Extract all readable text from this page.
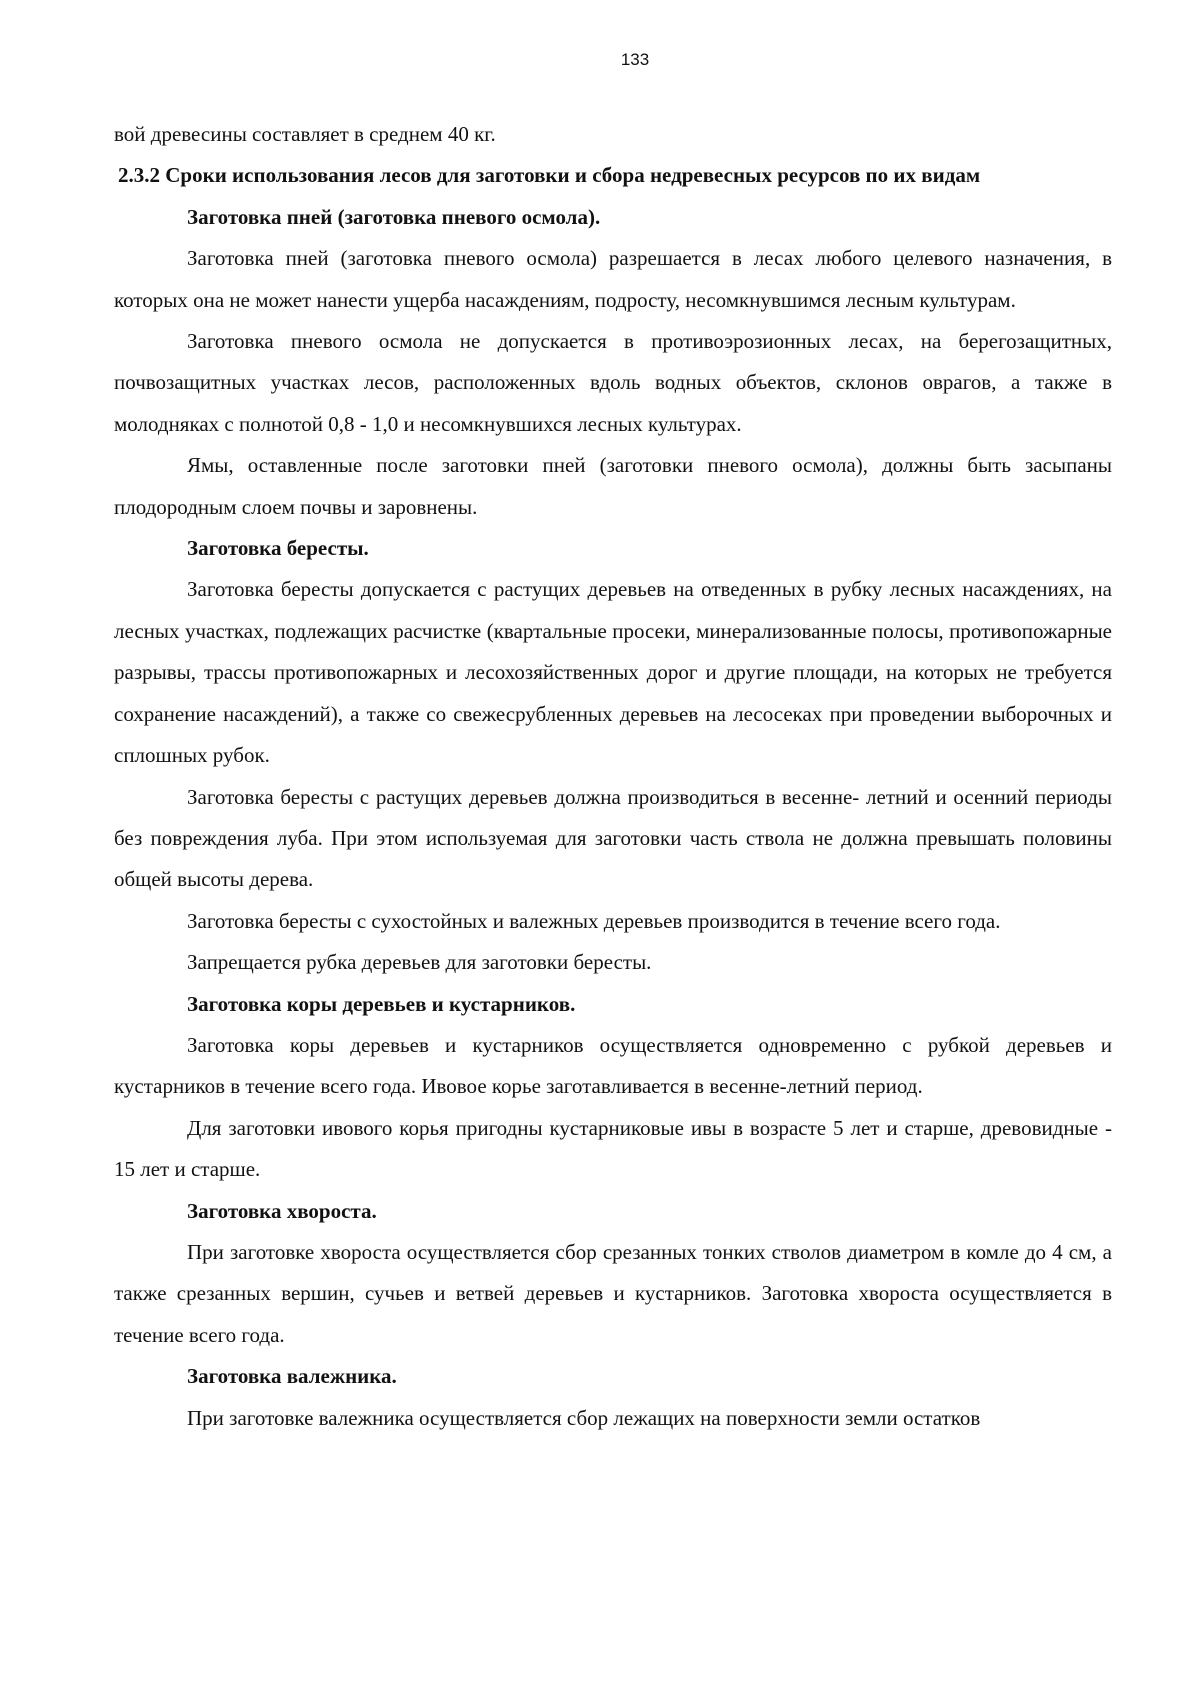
133

вой древесины составляет в среднем 40 кг.

2.3.2 Сроки использования лесов для заготовки и сбора недревесных ресурсов по их видам

Заготовка пней (заготовка пневого осмола).

Заготовка пней (заготовка пневого осмола) разрешается в лесах любого целевого назначения, в которых она не может нанести ущерба насаждениям, подросту, несомкнувшимся лесным культурам.

Заготовка пневого осмола не допускается в противоэрозионных лесах, на берегозащитных, почвозащитных участках лесов, расположенных вдоль водных объектов, склонов оврагов, а также в молодняках с полнотой 0,8 - 1,0 и несомкнувшихся лесных культурах.

Ямы, оставленные после заготовки пней (заготовки пневого осмола), должны быть засыпаны плодородным слоем почвы и заровнены.

Заготовка бересты.

Заготовка бересты допускается с растущих деревьев на отведенных в рубку лесных насаждениях, на лесных участках, подлежащих расчистке (квартальные просеки, минерализованные полосы, противопожарные разрывы, трассы противопожарных и лесохозяйственных дорог и другие площади, на которых не требуется сохранение насаждений), а также со свежесрубленных деревьев на лесосеках при проведении выборочных и сплошных рубок.

Заготовка бересты с растущих деревьев должна производиться в весенне- летний и осенний периоды без повреждения луба. При этом используемая для заготовки часть ствола не должна превышать половины общей высоты дерева.

Заготовка бересты с сухостойных и валежных деревьев производится в течение всего года.

Запрещается рубка деревьев для заготовки бересты.

Заготовка коры деревьев и кустарников.

Заготовка коры деревьев и кустарников осуществляется одновременно с рубкой деревьев и кустарников в течение всего года. Ивовое корье заготавливается в весенне-летний период.

Для заготовки ивового корья пригодны кустарниковые ивы в возрасте 5 лет и старше, древовидные - 15 лет и старше.

Заготовка хвороста.

При заготовке хвороста осуществляется сбор срезанных тонких стволов диаметром в комле до 4 см, а также срезанных вершин, сучьев и ветвей деревьев и кустарников. Заготовка хвороста осуществляется в течение всего года.

Заготовка валежника.

При заготовке валежника осуществляется сбор лежащих на поверхности земли остатков
